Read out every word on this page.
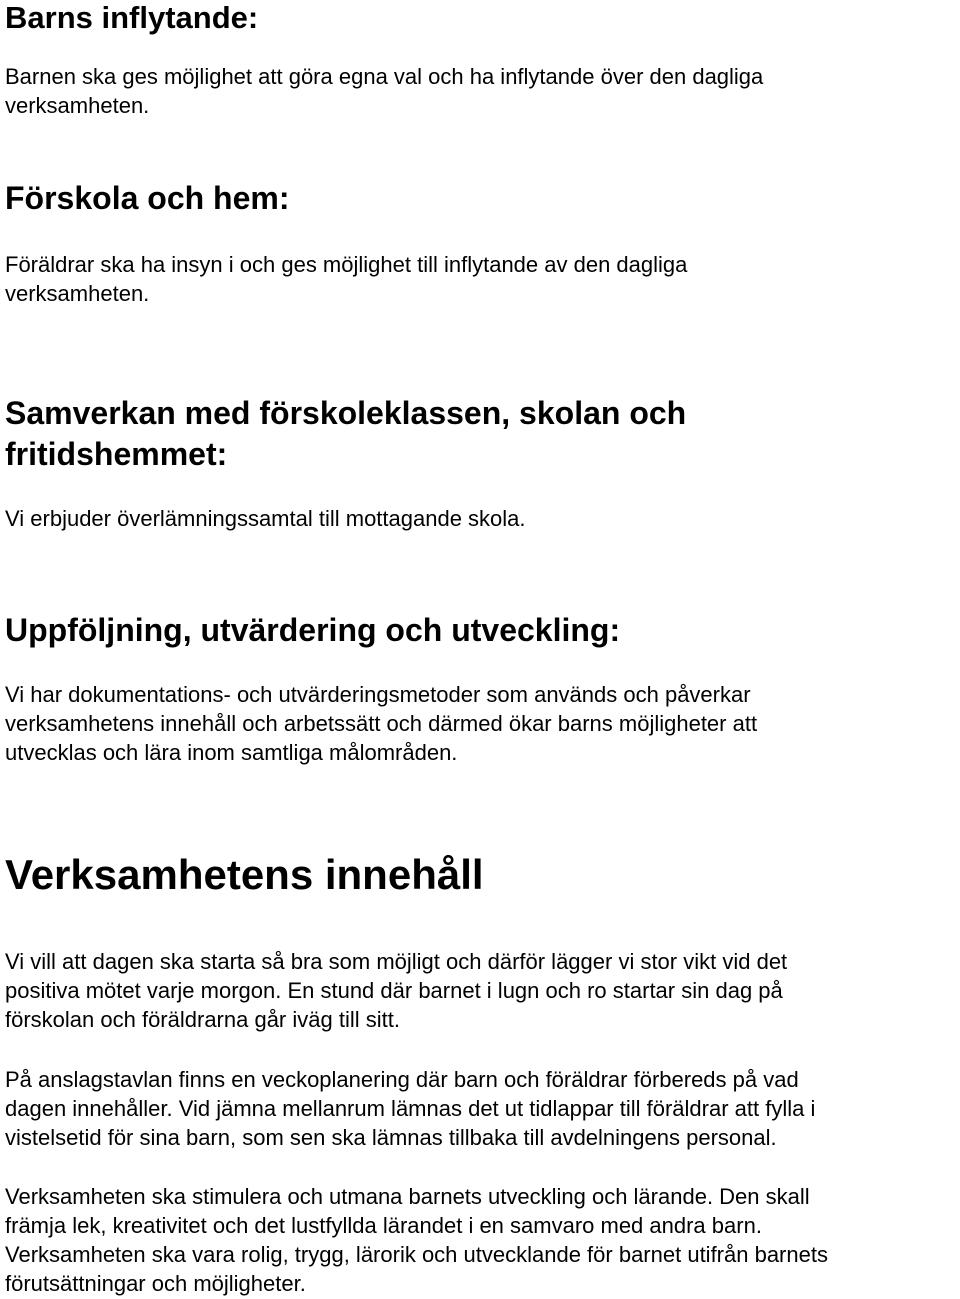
Barns inflytande:

Barnen ska ges möjlighet att göra egna val och ha inflytande över den dagliga

verksamheten.

Förskola och hem:

Föräldrar ska ha insyn i och ges möjlighet till inflytande av den dagliga

verksamheten.

Samverkan med förskoleklassen, skolan och
fritidshemmet:

Vi erbjuder överlämningssamtal till mottagande skola.

Uppföljning, utvärdering och utveckling:

Vi har dokumentations- och utvärderingsmetoder som används och påverkar

verksamhetens innehåll och arbetssätt och därmed ökar barns möjligheter att

utvecklas och lära inom samtliga målområden.

Verksamhetens innehåll

Vi vill att dagen ska starta så bra som möjligt och därför lägger vi stor vikt vid det

positiva mötet varje morgon. En stund där barnet i lugn och ro startar sin dag på

förskolan och föräldrarna går iväg till sitt.

På anslagstavlan finns en veckoplanering där barn och föräldrar förbereds på vad

dagen innehåller. Vid jämna mellanrum lämnas det ut tidlappar till föräldrar att fylla i

vistelsetid för sina barn, som sen ska lämnas tillbaka till avdelningens personal.

Verksamheten ska stimulera och utmana barnets utveckling och lärande. Den skall

främja lek, kreativitet och det lustfyllda lärandet i en samvaro med andra barn.

Verksamheten ska vara rolig, trygg, lärorik och utvecklande för barnet utifrån barnets

förutsättningar och möjligheter.
